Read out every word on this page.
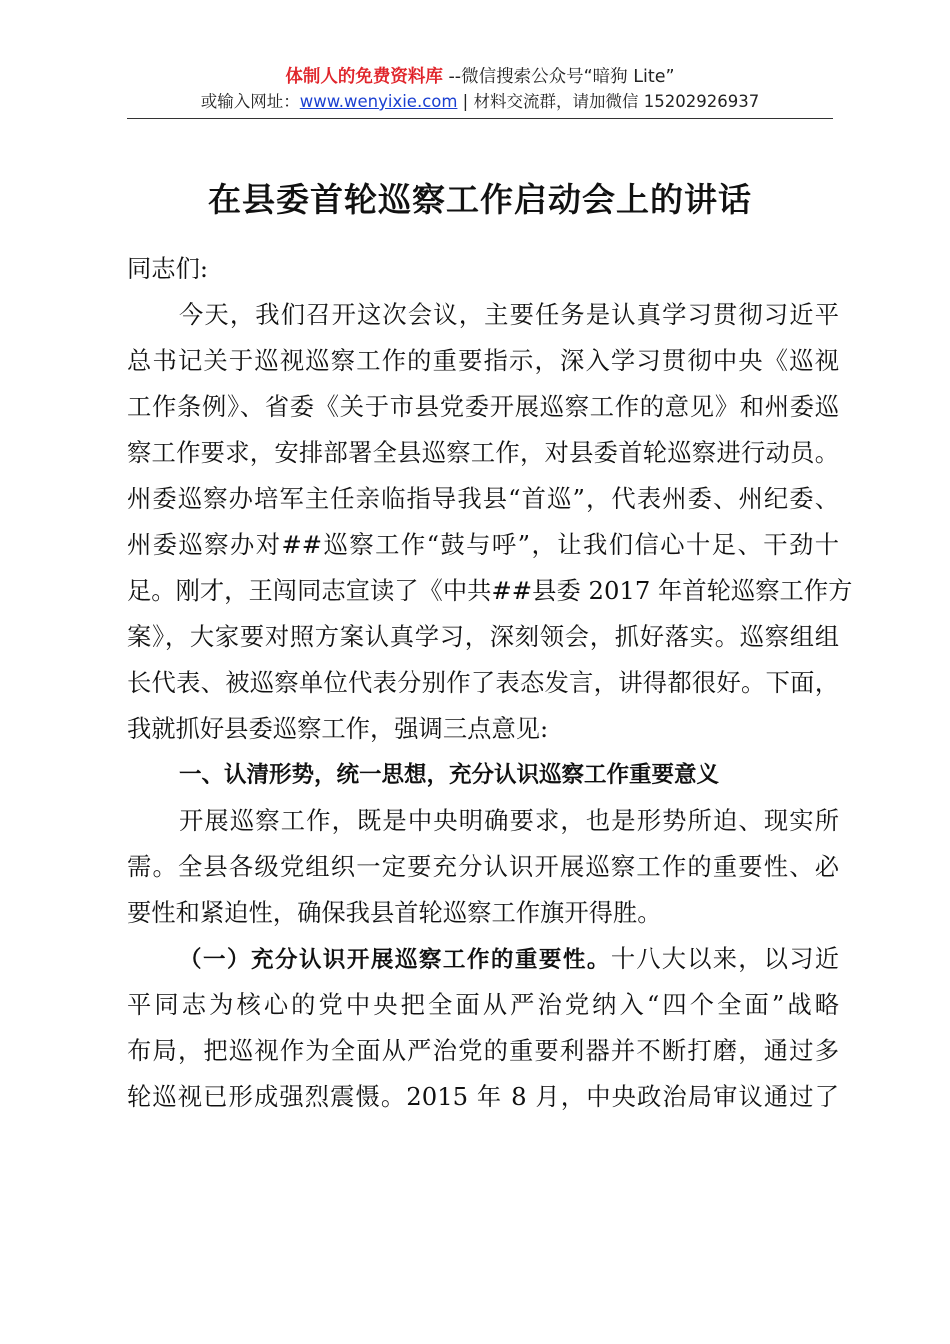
体制人的免费资料库 --微信搜索公众号“暗狗 Lite”
或输入网址：www.wenyixie.com | 材料交流群，请加微信 15202926937
在县委首轮巡察工作启动会上的讲话
同志们:
今天，我们召开这次会议，主要任务是认真学习贯彻习近平
总书记关于巡视巡察工作的重要指示，深入学习贯彻中央《巡视
工作条例》、省委《关于市县党委开展巡察工作的意见》和州委巡
察工作要求，安排部署全县巡察工作，对县委首轮巡察进行动员。
州委巡察办培军主任亲临指导我县“首巡”，代表州委、州纪委、
州委巡察办对##巡察工作“鼓与呼”，让我们信心十足、干劲十
足。刚才，王闯同志宣读了《中共##县委 2017 年首轮巡察工作方
案》，大家要对照方案认真学习，深刻领会，抓好落实。巡察组组
长代表、被巡察单位代表分别作了表态发言，讲得都很好。下面，
我就抓好县委巡察工作，强调三点意见:
一、认清形势，统一思想，充分认识巡察工作重要意义
开展巡察工作，既是中央明确要求，也是形势所迫、现实所
需。全县各级党组织一定要充分认识开展巡察工作的重要性、必
要性和紧迫性，确保我县首轮巡察工作旗开得胜。
（一）充分认识开展巡察工作的重要性。十八大以来，以习近
平同志为核心的党中央把全面从严治党纳入“四个全面”战略
布局，把巡视作为全面从严治党的重要利器并不断打磨，通过多
轮巡视已形成强烈震慑。2015 年 8 月，中央政治局审议通过了
